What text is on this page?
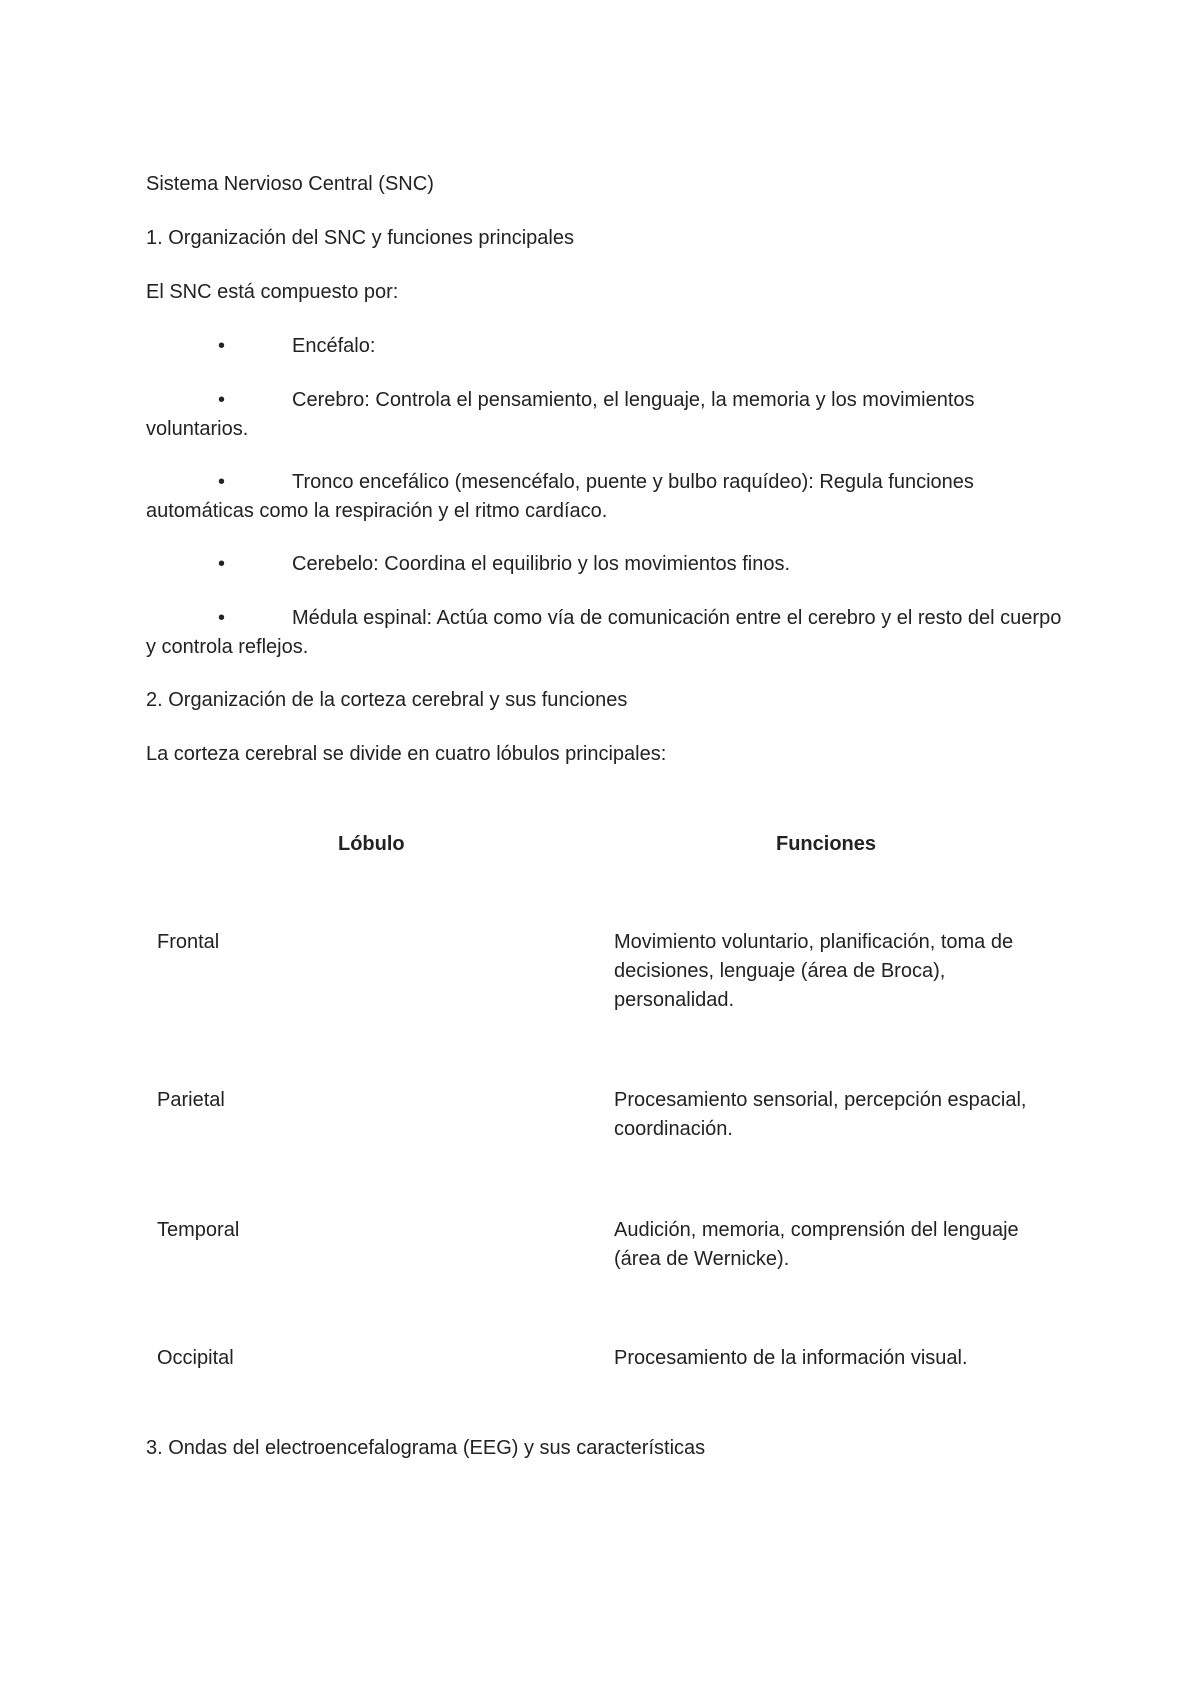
Sistema Nervioso Central (SNC)
1. Organización del SNC y funciones principales
El SNC está compuesto por:
•	Encéfalo:
•	Cerebro: Controla el pensamiento, el lenguaje, la memoria y los movimientos voluntarios.
•	Tronco encefálico (mesencéfalo, puente y bulbo raquídeo): Regula funciones automáticas como la respiración y el ritmo cardíaco.
•	Cerebelo: Coordina el equilibrio y los movimientos finos.
•	Médula espinal: Actúa como vía de comunicación entre el cerebro y el resto del cuerpo y controla reflejos.
2. Organización de la corteza cerebral y sus funciones
La corteza cerebral se divide en cuatro lóbulos principales:
Lóbulo	Funciones
Frontal	Movimiento voluntario, planificación, toma de decisiones, lenguaje (área de Broca), personalidad.
Parietal	Procesamiento sensorial, percepción espacial, coordinación.
Temporal	Audición, memoria, comprensión del lenguaje (área de Wernicke).
Occipital	Procesamiento de la información visual.
3. Ondas del electroencefalograma (EEG) y sus características
